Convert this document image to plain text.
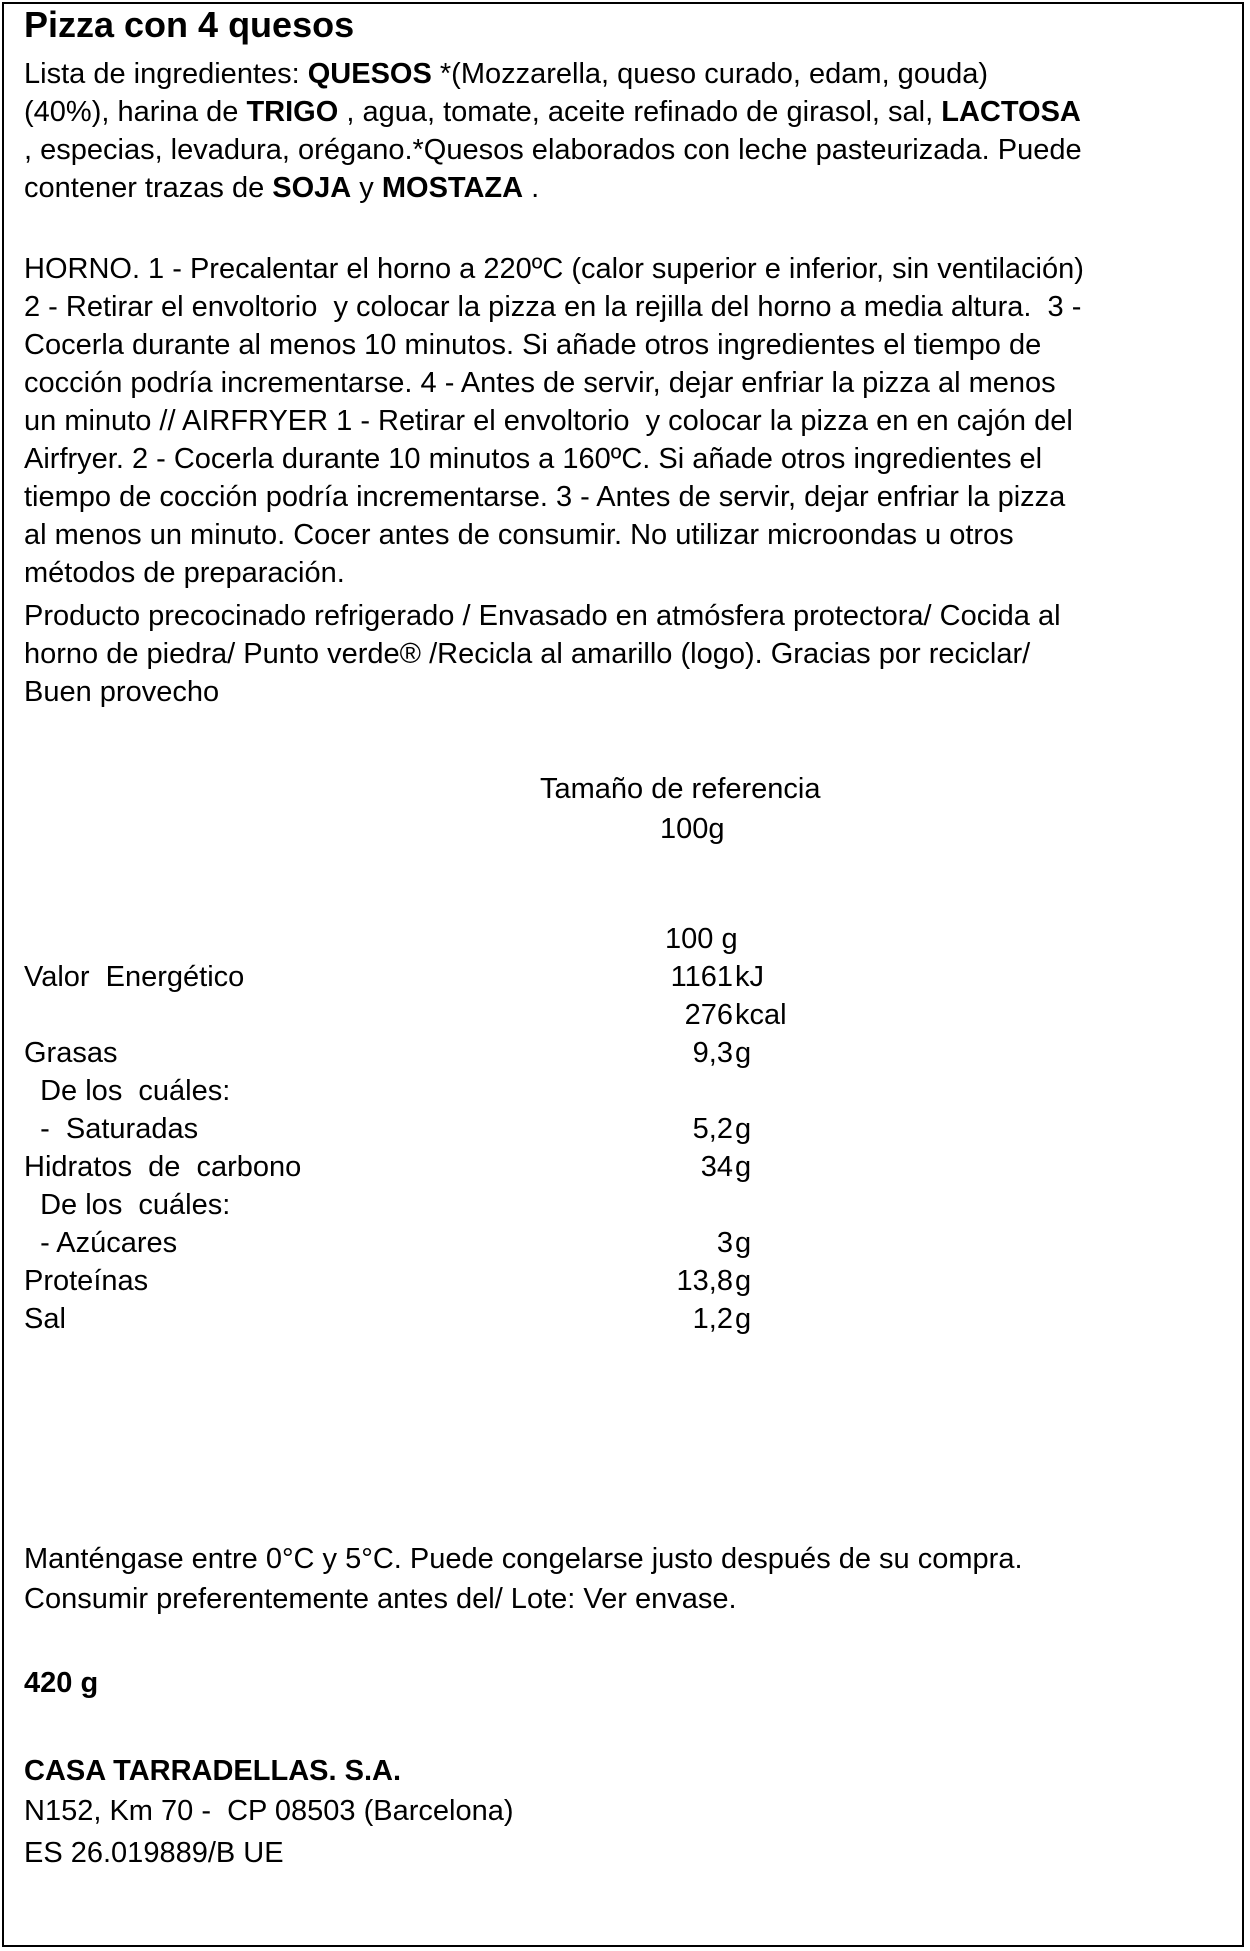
Pizza con 4 quesos
Lista de ingredientes: QUESOS *(Mozzarella, queso curado, edam, gouda)
(40%), harina de TRIGO , agua, tomate, aceite refinado de girasol, sal, LACTOSA
, especias, levadura, orégano.*Quesos elaborados con leche pasteurizada. Puede
contener trazas de SOJA y MOSTAZA .
HORNO. 1 - Precalentar el horno a 220ºC (calor superior e inferior, sin ventilación)
2 - Retirar el envoltorio  y colocar la pizza en la rejilla del horno a media altura.  3 -
Cocerla durante al menos 10 minutos. Si añade otros ingredientes el tiempo de
cocción podría incrementarse. 4 - Antes de servir, dejar enfriar la pizza al menos
un minuto // AIRFRYER 1 - Retirar el envoltorio  y colocar la pizza en en cajón del
Airfryer. 2 - Cocerla durante 10 minutos a 160ºC. Si añade otros ingredientes el
tiempo de cocción podría incrementarse. 3 - Antes de servir, dejar enfriar la pizza
al menos un minuto. Cocer antes de consumir. No utilizar microondas u otros
métodos de preparación.
Producto precocinado refrigerado / Envasado en atmósfera protectora/ Cocida al
horno de piedra/ Punto verde® /Recicla al amarillo (logo). Gracias por reciclar/
Buen provecho
Tamaño de referencia
100g
100 g
Valor  Energético	1161 kJ
276 kcal
Grasas	9,3 g
De los  cuáles:
-  Saturadas	5,2 g
Hidratos  de  carbono	34 g
De los  cuáles:
- Azúcares	3 g
Proteínas	13,8 g
Sal	1,2 g
Manténgase entre 0°C y 5°C. Puede congelarse justo después de su compra.
Consumir preferentemente antes del/ Lote: Ver envase.
420 g
CASA TARRADELLAS. S.A.
N152, Km 70 -  CP 08503 (Barcelona)
ES 26.019889/B UE
